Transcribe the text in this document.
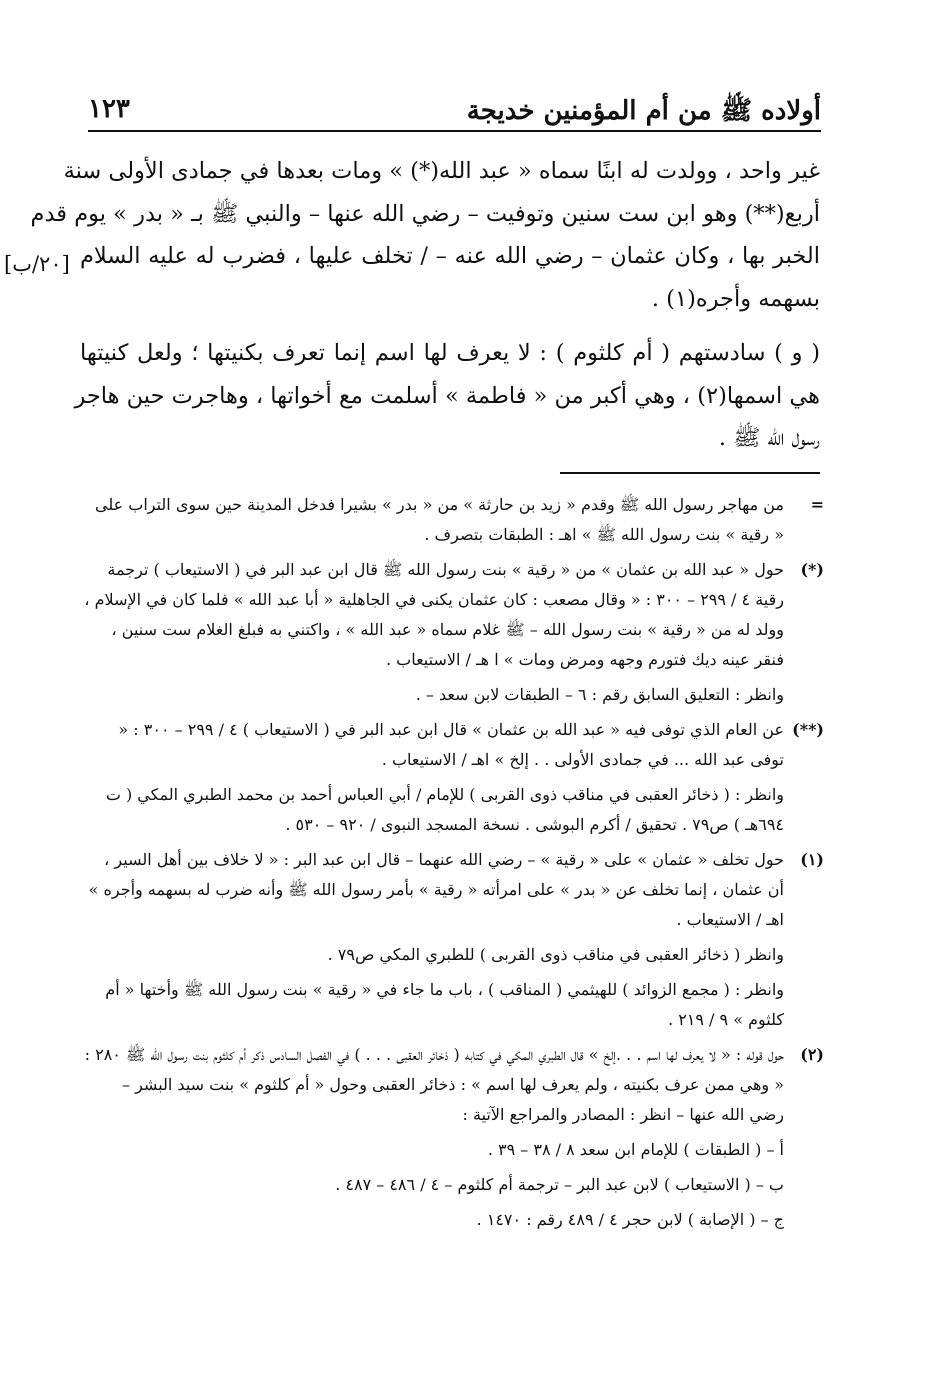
أولاده ﷺ من أم المؤمنين خديجة
١٢٣

غير واحد ، وولدت له ابنًا سماه « عبد الله(*) » ومات بعدها في جمادى الأولى سنة
أربع(**) وهو ابن ست سنين وتوفيت – رضي الله عنها – والنبي ﷺ بـ « بدر » يوم قدم
الخبر بها ، وكان عثمان – رضي الله عنه – / تخلف عليها ، فضرب له عليه السلام
بسهمه وأجره(١) .

( و ) سادستهم ( أم كلثوم ) : لا يعرف لها اسم إنما تعرف بكنيتها ؛ ولعل كنيتها
هي اسمها(٢) ، وهي أكبر من « فاطمة » أسلمت مع أخواتها ، وهاجرت حين هاجر
رسول الله ﷺ .

[٢٠/ب]
=
من مهاجر رسول الله ﷺ وقدم « زيد بن حارثة » من « بدر » بشيرا فدخل المدينة حين سوى التراب على « رقية » بنت رسول الله ﷺ » اهـ : الطبقات بتصرف .
(*)
حول « عبد الله بن عثمان » من « رقية » بنت رسول الله ﷺ قال ابن عبد البر في ( الاستيعاب ) ترجمة رقية ٤ / ٢٩٩ – ٣٠٠ : « وقال مصعب : كان عثمان يكنى في الجاهلية « أبا عبد الله » فلما كان في الإسلام ، وولد له من « رقية » بنت رسول الله – ﷺ غلام سماه « عبد الله » ، واكتني به فبلغ الغلام ست سنين ، فنقر عينه ديك فتورم وجهه ومرض ومات » ا هـ / الاستيعاب .
وانظر : التعليق السابق رقم : ٦ – الطبقات لابن سعد – .
(**)
عن العام الذي توفى فيه « عبد الله بن عثمان » قال ابن عبد البر في ( الاستيعاب ) ٤ / ٢٩٩ – ٣٠٠ : « توفى عبد الله ... في جمادى الأولى . . إلخ » اهـ / الاستيعاب .
وانظر : ( ذخائر العقبى في مناقب ذوى القربى ) للإمام / أبي العباس أحمد بن محمد الطبري المكي ( ت ٦٩٤هـ ) ص٧٩ . تحقيق / أكرم البوشى . نسخة المسجد النبوى / ٩٢٠ – ٥٣٠ .
(١)
حول تخلف « عثمان » على « رقية » – رضي الله عنهما – قال ابن عبد البر : « لا خلاف بين أهل السير ، أن عثمان ، إنما تخلف عن « بدر » على امرأته « رقية » بأمر رسول الله ﷺ وأنه ضرب له بسهمه وأجره » اهـ / الاستيعاب .
وانظر ( ذخائر العقبى في مناقب ذوى القربى ) للطبري المكي ص٧٩ .
وانظر : ( مجمع الزوائد ) للهيثمي ( المناقب ) ، باب ما جاء في « رقية » بنت رسول الله ﷺ وأختها « أم كلثوم » ٩ / ٢١٩ .
(٢)
حول قوله : « لا يعرف لها اسم . . .إلخ » قال الطبري المكي في كتابه ( ذخائر العقبى . . . ) في الفصل السادس ذكر أم كلثوم بنت رسول الله ﷺ ٢٨٠ : « وهي ممن عرف بكنيته ، ولم يعرف لها اسم » : ذخائر العقبى وحول « أم كلثوم » بنت سيد البشر – رضي الله عنها – انظر : المصادر والمراجع الآتية :
أ – ( الطبقات ) للإمام ابن سعد ٨ / ٣٨ – ٣٩ .
ب – ( الاستيعاب ) لابن عبد البر – ترجمة أم كلثوم – ٤ / ٤٨٦ – ٤٨٧ .
ج – ( الإصابة ) لابن حجر ٤ / ٤٨٩ رقم : ١٤٧٠ .
